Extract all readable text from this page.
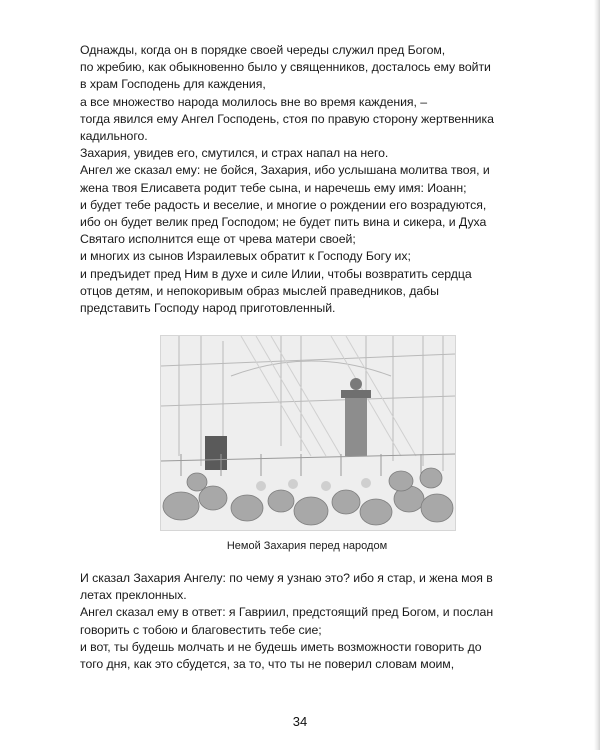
Однажды, когда он в порядке своей череды служил пред Богом,
по жребию, как обыкновенно было у священников, досталось ему войти
в храм Господень для каждения,
а все множество народа молилось вне во время каждения, –
тогда явился ему Ангел Господень, стоя по правую сторону жертвенника
кадильного.
Захария, увидев его, смутился, и страх напал на него.
Ангел же сказал ему: не бойся, Захария, ибо услышана молитва твоя, и
жена твоя Елисавета родит тебе сына, и наречешь ему имя: Иоанн;
и будет тебе радость и веселие, и многие о рождении его возрадуются,
ибо он будет велик пред Господом; не будет пить вина и сикера, и Духа
Святаго исполнится еще от чрева матери своей;
и многих из сынов Израилевых обратит к Господу Богу их;
и предъидет пред Ним в духе и силе Илии, чтобы возвратить сердца
отцов детям, и непокоривым образ мыслей праведников, дабы
представить Господу народ приготовленный.
Немой Захария перед народом
И сказал Захария Ангелу: по чему я узнаю это? ибо я стар, и жена моя в
летах преклонных.
Ангел сказал ему в ответ: я Гавриил, предстоящий пред Богом, и послан
говорить с тобою и благовестить тебе сие;
и вот, ты будешь молчать и не будешь иметь возможности говорить до
того дня, как это сбудется, за то, что ты не поверил словам моим,
34
